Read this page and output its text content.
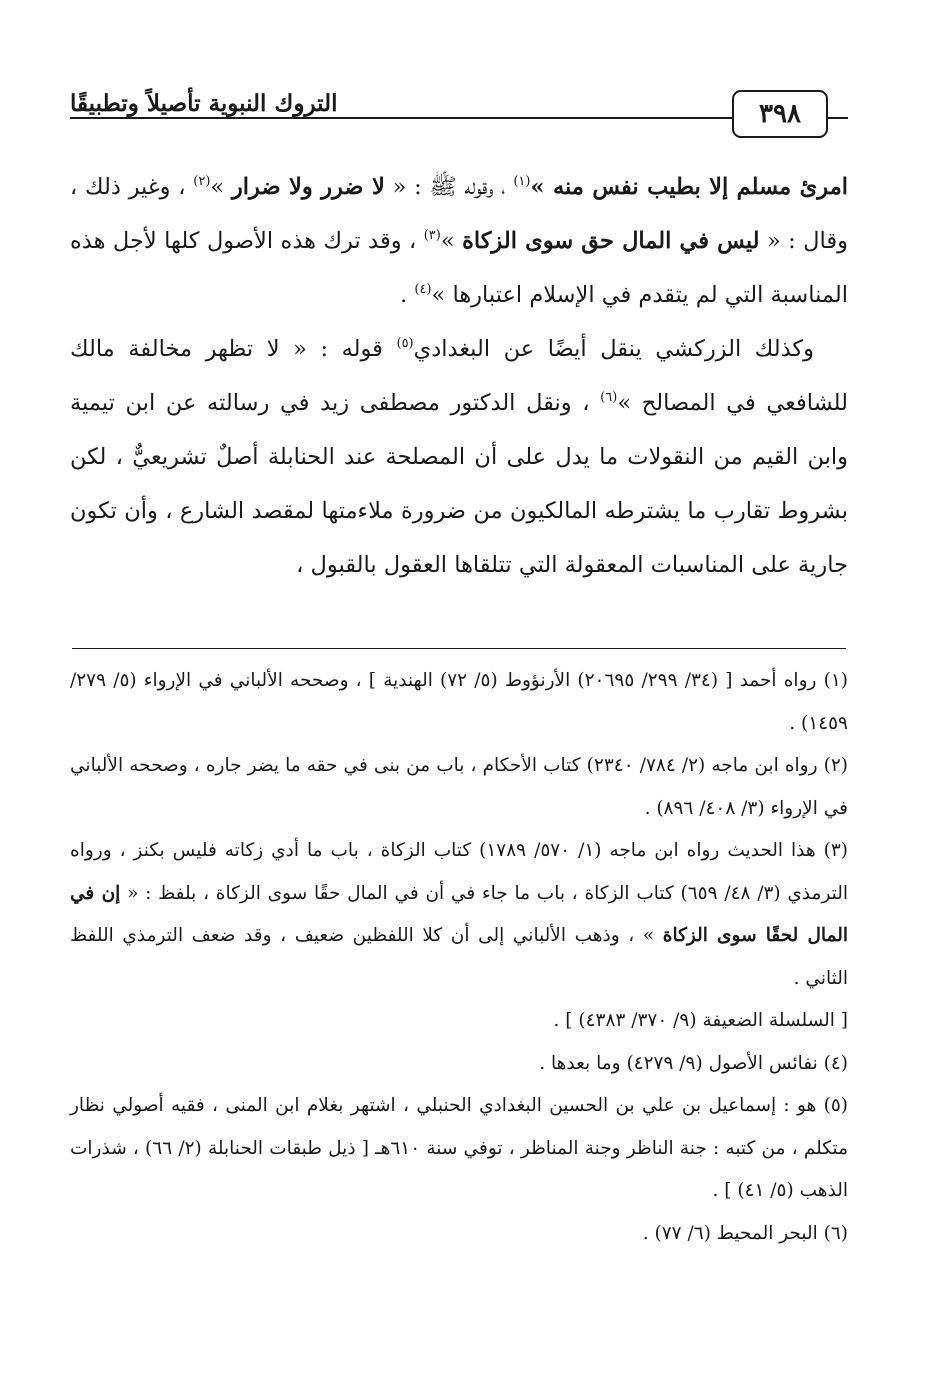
التروك النبوية تأصيلاً وتطبيقًا	٣٩٨

امرئ مسلم إلا بطيب نفس منه »$^{(١)}$ ، وقوله ﷺ : « لا ضرر ولا ضرار »$^{(٢)}$ ، وغير ذلك ، وقال : « ليس في المال حق سوى الزكاة »$^{(٣)}$ ، وقد ترك هذه الأصول كلها لأجل هذه المناسبة التي لم يتقدم في الإسلام اعتبارها »$^{(٤)}$ .

وكذلك الزركشي ينقل أيضًا عن البغدادي$^{(٥)}$ قوله : « لا تظهر مخالفة مالك للشافعي في المصالح »$^{(٦)}$ ، ونقل الدكتور مصطفى زيد في رسالته عن ابن تيمية وابن القيم من النقولات ما يدل على أن المصلحة عند الحنابلة أصلٌ تشريعيٌّ ، لكن بشروط تقارب ما يشترطه المالكيون من ضرورة ملاءمتها لمقصد الشارع ، وأن تكون جارية على المناسبات المعقولة التي تتلقاها العقول بالقبول ،

(١) رواه أحمد [ (٣٤/ ٢٩٩/ ٢٠٦٩٥) الأرنؤوط (٥/ ٧٢) الهندية ] ، وصححه الألباني في الإرواء (٥/ ٢٧٩/ ١٤٥٩) .

(٢) رواه ابن ماجه (٢/ ٧٨٤/ ٢٣٤٠) كتاب الأحكام ، باب من بنى في حقه ما يضر جاره ، وصححه الألباني في الإرواء (٣/ ٤٠٨/ ٨٩٦) .

(٣) هذا الحديث رواه ابن ماجه (١/ ٥٧٠/ ١٧٨٩) كتاب الزكاة ، باب ما أدي زكاته فليس بكنز ، ورواه الترمذي (٣/ ٤٨/ ٦٥٩) كتاب الزكاة ، باب ما جاء في أن في المال حقًا سوى الزكاة ، بلفظ : « إن في المال لحقًا سوى الزكاة » ، وذهب الألباني إلى أن كلا اللفظين ضعيف ، وقد ضعف الترمذي اللفظ الثاني .

[ السلسلة الضعيفة (٩/ ٣٧٠/ ٤٣٨٣) ] .

(٤) نفائس الأصول (٩/ ٤٢٧٩) وما بعدها .

(٥) هو : إسماعيل بن علي بن الحسين البغدادي الحنبلي ، اشتهر بغلام ابن المنى ، فقيه أصولي نظار متكلم ، من كتبه : جنة الناظر وجنة المناظر ، توفي سنة ٦١٠هـ [ ذيل طبقات الحنابلة (٢/ ٦٦) ، شذرات الذهب (٥/ ٤١) ] .

(٦) البحر المحيط (٦/ ٧٧) .
